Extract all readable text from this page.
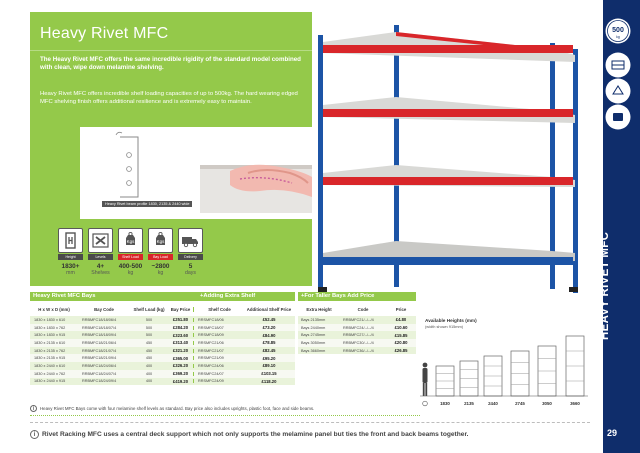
Heavy Rivet MFC

The Heavy Rivet MFC offers the same incredible rigidity of the standard model combined with clean, wipe down melamine shelving.

Heavy Rivet MFC offers incredible shelf loading capacities of up to 500kg. The hard wearing edged MFC shelving finish offers additional resilience and is extremely easy to maintain.

Heavy Rivet beam profile 1830, 2135 & 2440 wide
Height
1830+
mm
Levels
4+
Shelves
Kgs
Shelf Load
400-500
kg
Kgs
Bay Load
~2800
kg
Delivery
5
days
Heavy Rivet MFC Bays	+Adding Extra Shelf	+For Taller Bays Add Price
H x W x D (mm)	Bay Code	Shelf Load (kg)	Bay Price	Shelf Code	Additional Shelf Price
1830 x 1830 x 610	RRBMFC18/18/06/4	500	£251.80	RRSMFC18/06	£52.45
1830 x 1830 x 762	RRBMFC18/18/07/4	500	£284.20	RRSMFC18/07	£73.20
1830 x 1830 x 915	RRBMFC18/18/09/4	500	£323.60	RRSMFC18/09	£84.90
1830 x 2135 x 610	RRBMFC18/21/06/4	450	£313.40	RRSMFC21/06	£78.85
1830 x 2135 x 762	RRBMFC18/21/07/4	450	£321.20	RRSMFC21/07	£82.45
1830 x 2135 x 915	RRBMFC18/21/09/4	450	£365.00	RRSMFC21/09	£95.20
1830 x 2440 x 610	RRBMFC18/24/06/4	400	£326.20	RRSMFC24/06	£89.10
1830 x 2440 x 762	RRBMFC18/24/07/4	400	£369.20	RRSMFC24/07	£103.15
1830 x 2440 x 915	RRBMFC18/24/09/4	400	£419.20	RRSMFC24/09	£118.20
Extra Height	Code	Price
Bays 2135mm	RRBMFC21/--/--/4	£4.80
Bays 2440mm	RRBMFC24/--/--/4	£10.60
Bays 2745mm	RRBMFC27/--/--/4	£15.85
Bays 3050mm	RRBMFC30/--/--/4	£20.80
Bays 3660mm	RRBMFC36/--/--/4	£26.85
Available Heights (mm)
(width shown 915mm)
1830	2135	2440	2745	3050	3660
i	Heavy Rivet MFC Bays come with four melamine shelf levels as standard. Bay price also includes uprights, plastic foot, face and side beams.
i Rivet Racking MFC uses a central deck support which not only supports the melamine panel but ties the front and back beams together.
500
kg
HEAVY RIVET MFC
29
